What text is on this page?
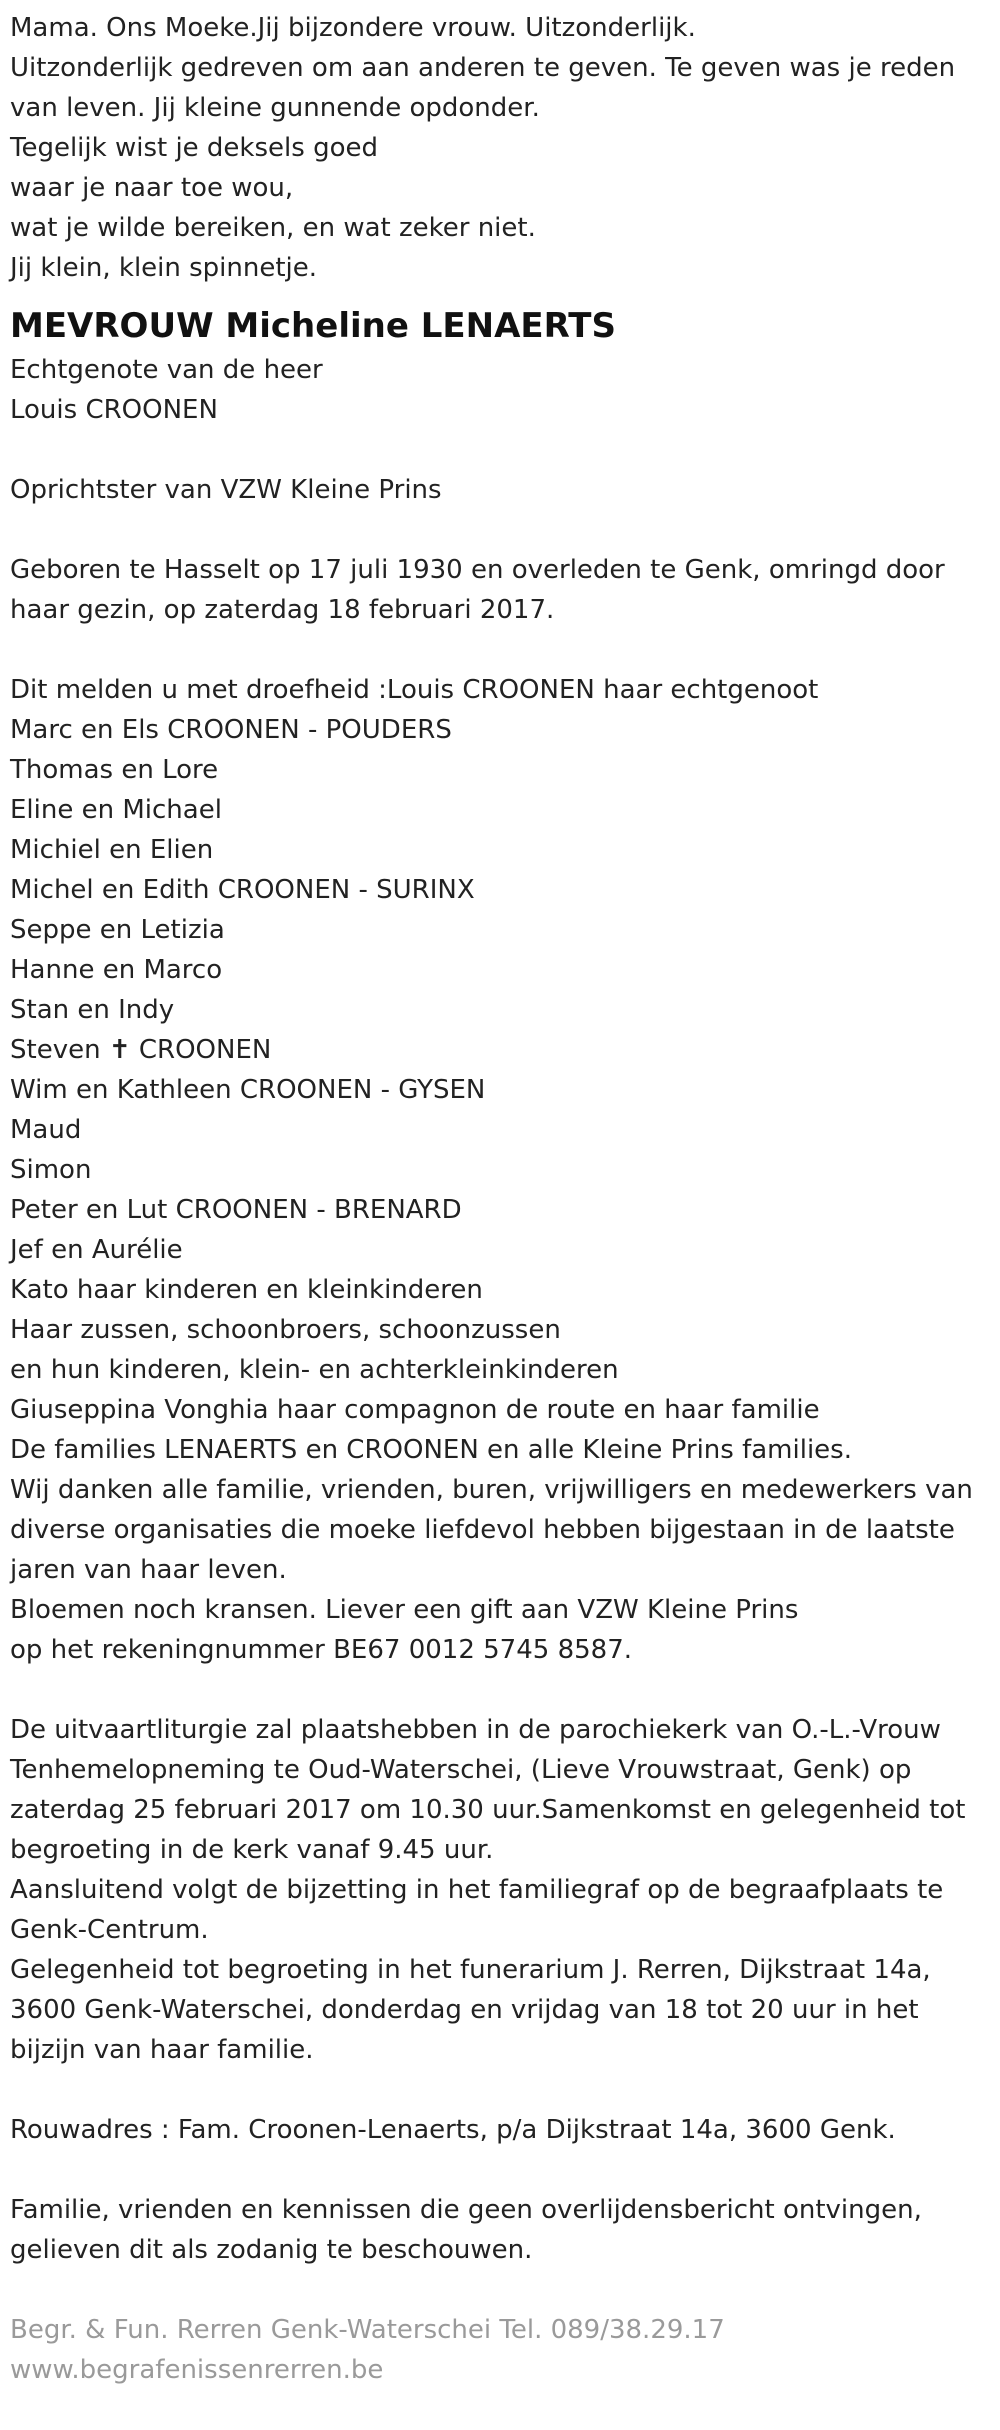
Mama. Ons Moeke.Jij bijzondere vrouw. Uitzonderlijk.

Uitzonderlijk gedreven om aan anderen te geven. Te geven was je reden

van leven. Jij kleine gunnende opdonder.

Tegelijk wist je deksels goed

waar je naar toe wou,

wat je wilde bereiken, en wat zeker niet.

Jij klein, klein spinnetje.

MEVROUW Micheline LENAERTS

Echtgenote van de heer

Louis CROONEN

Oprichtster van VZW Kleine Prins

Geboren te Hasselt op 17 juli 1930 en overleden te Genk, omringd door

haar gezin, op zaterdag 18 februari 2017.

Dit melden u met droefheid :Louis CROONEN haar echtgenoot

Marc en Els CROONEN - POUDERS

Thomas en Lore

Eline en Michael

Michiel en Elien

Michel en Edith CROONEN - SURINX

Seppe en Letizia

Hanne en Marco

Stan en Indy

Steven ✝ CROONEN

Wim en Kathleen CROONEN - GYSEN

Maud

Simon

Peter en Lut CROONEN - BRENARD

Jef en Aurélie

Kato haar kinderen en kleinkinderen

Haar zussen, schoonbroers, schoonzussen

en hun kinderen, klein- en achterkleinkinderen

Giuseppina Vonghia haar compagnon de route en haar familie

De families LENAERTS en CROONEN en alle Kleine Prins families.

Wij danken alle familie, vrienden, buren, vrijwilligers en medewerkers van

diverse organisaties die moeke liefdevol hebben bijgestaan in de laatste

jaren van haar leven.

Bloemen noch kransen. Liever een gift aan VZW Kleine Prins

op het rekeningnummer BE67 0012 5745 8587.

De uitvaartliturgie zal plaatshebben in de parochiekerk van O.-L.-Vrouw

Tenhemelopneming te Oud-Waterschei, (Lieve Vrouwstraat, Genk) op

zaterdag 25 februari 2017 om 10.30 uur.Samenkomst en gelegenheid tot

begroeting in de kerk vanaf 9.45 uur.

Aansluitend volgt de bijzetting in het familiegraf op de begraafplaats te

Genk-Centrum.

Gelegenheid tot begroeting in het funerarium J. Rerren, Dijkstraat 14a,

3600 Genk-Waterschei, donderdag en vrijdag van 18 tot 20 uur in het

bijzijn van haar familie.

Rouwadres : Fam. Croonen-Lenaerts, p/a Dijkstraat 14a, 3600 Genk.

Familie, vrienden en kennissen die geen overlijdensbericht ontvingen,

gelieven dit als zodanig te beschouwen.

Begr. & Fun. Rerren Genk-Waterschei Tel. 089/38.29.17

www.begrafenissenrerren.be
